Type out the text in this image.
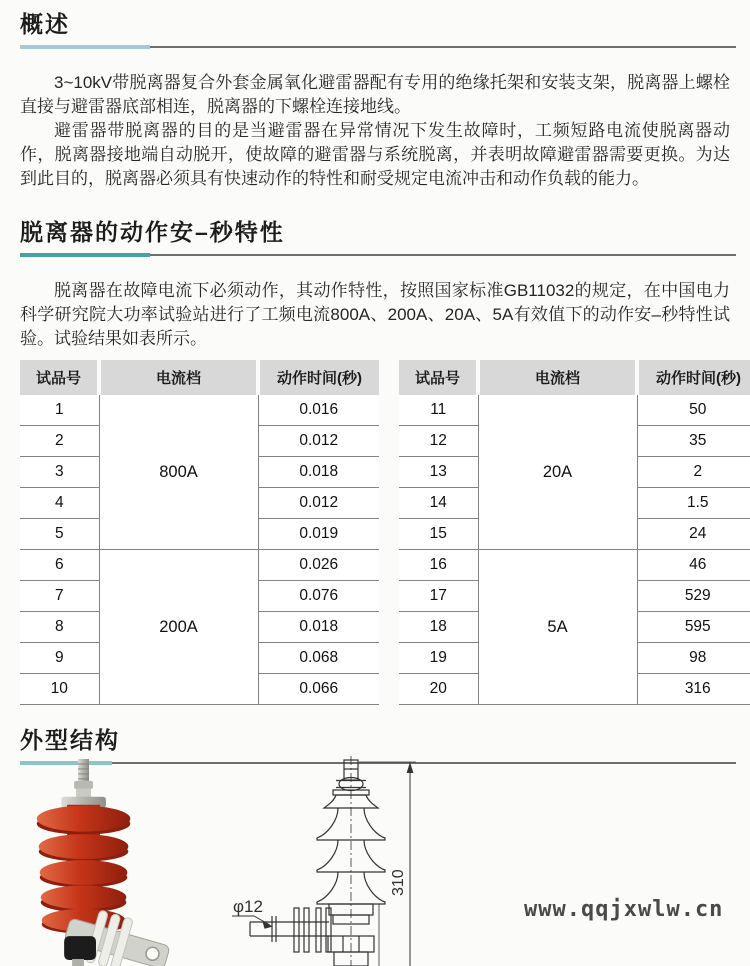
概述

3~10kV带脱离器复合外套金属氧化避雷器配有专用的绝缘托架和安装支架，脱离器上螺栓直接与避雷器底部相连，脱离器的下螺栓连接地线。

避雷器带脱离器的目的是当避雷器在异常情况下发生故障时，工频短路电流使脱离器动作，脱离器接地端自动脱开，使故障的避雷器与系统脱离，并表明故障避雷器需要更换。为达到此目的，脱离器必须具有快速动作的特性和耐受规定电流冲击和动作负载的能力。

脱离器的动作安–秒特性

脱离器在故障电流下必须动作，其动作特性，按照国家标准GB11032的规定，在中国电力科学研究院大功率试验站进行了工频电流800A、200A、20A、5A有效值下的动作安–秒特性试验。试验结果如表所示。

试品号	电流档	动作时间(秒)
1	800A	0.016
2		0.012
3		0.018
4		0.012
5		0.019
6	200A	0.026
7		0.076
8		0.018
9		0.068
10		0.066
试品号	电流档	动作时间(秒)
11	20A	50
12		35
13		2
14		1.5
15		24
16	5A	46
17		529
18		595
19		98
20		316
外型结构
310
φ12	www.qqjxwlw.cn
